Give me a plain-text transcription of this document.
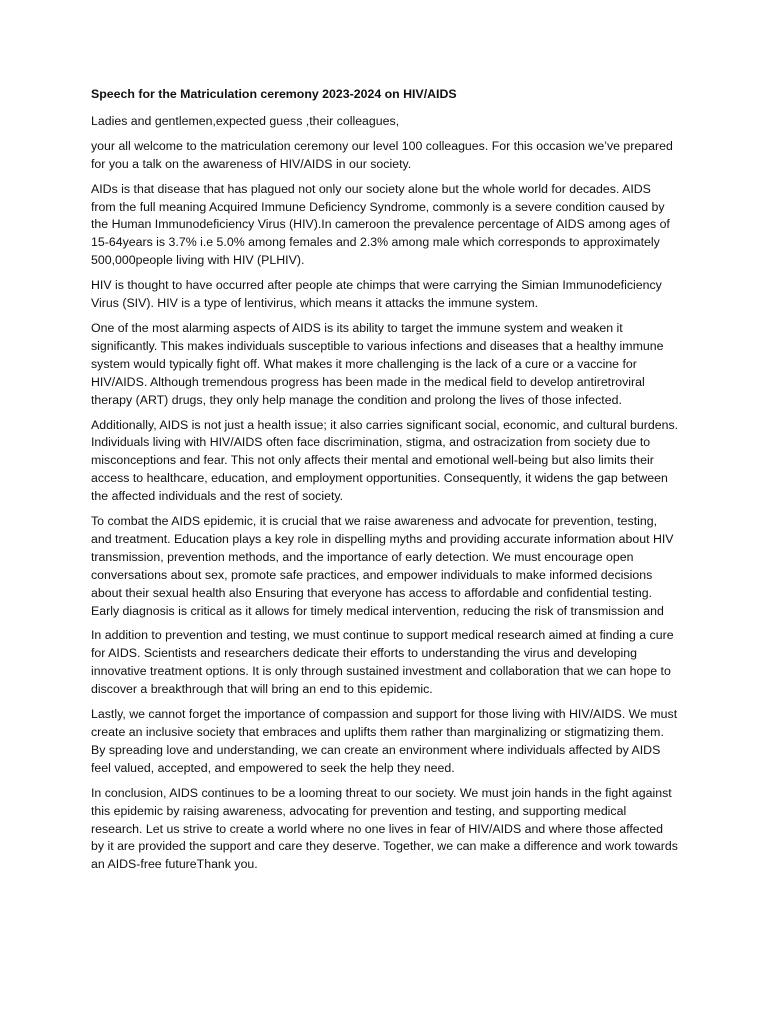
Speech for the Matriculation ceremony 2023-2024 on HIV/AIDS

Ladies and gentlemen,expected guess ,their colleagues,

your all welcome to the matriculation ceremony our level 100 colleagues. For this occasion we’ve prepared for you a talk on the awareness of HIV/AIDS in our society.

AIDs is that disease that has plagued not only our society alone but the whole world for decades. AIDS from the full meaning Acquired Immune Deficiency Syndrome, commonly is a severe condition caused by the Human Immunodeficiency Virus (HIV).In cameroon the prevalence percentage of AIDS among ages of 15-64years is 3.7% i.e 5.0% among females and 2.3% among male which corresponds to approximately 500,000people living with HIV (PLHIV).

HIV is thought to have occurred after people ate chimps that were carrying the Simian Immunodeficiency Virus (SIV). HIV is a type of lentivirus, which means it attacks the immune system.

One of the most alarming aspects of AIDS is its ability to target the immune system and weaken it significantly. This makes individuals susceptible to various infections and diseases that a healthy immune system would typically fight off. What makes it more challenging is the lack of a cure or a vaccine for HIV/AIDS. Although tremendous progress has been made in the medical field to develop antiretroviral therapy (ART) drugs, they only help manage the condition and prolong the lives of those infected.

Additionally, AIDS is not just a health issue; it also carries significant social, economic, and cultural burdens. Individuals living with HIV/AIDS often face discrimination, stigma, and ostracization from society due to misconceptions and fear. This not only affects their mental and emotional well-being but also limits their access to healthcare, education, and employment opportunities. Consequently, it widens the gap between the affected individuals and the rest of society.

To combat the AIDS epidemic, it is crucial that we raise awareness and advocate for prevention, testing, and treatment. Education plays a key role in dispelling myths and providing accurate information about HIV transmission, prevention methods, and the importance of early detection. We must encourage open conversations about sex, promote safe practices, and empower individuals to make informed decisions about their sexual health also Ensuring that everyone has access to affordable and confidential testing. Early diagnosis is critical as it allows for timely medical intervention, reducing the risk of transmission and

In addition to prevention and testing, we must continue to support medical research aimed at finding a cure for AIDS. Scientists and researchers dedicate their efforts to understanding the virus and developing innovative treatment options. It is only through sustained investment and collaboration that we can hope to discover a breakthrough that will bring an end to this epidemic.

Lastly, we cannot forget the importance of compassion and support for those living with HIV/AIDS. We must create an inclusive society that embraces and uplifts them rather than marginalizing or stigmatizing them. By spreading love and understanding, we can create an environment where individuals affected by AIDS feel valued, accepted, and empowered to seek the help they need.

In conclusion, AIDS continues to be a looming threat to our society. We must join hands in the fight against this epidemic by raising awareness, advocating for prevention and testing, and supporting medical research. Let us strive to create a world where no one lives in fear of HIV/AIDS and where those affected by it are provided the support and care they deserve. Together, we can make a difference and work towards an AIDS-free futureThank you.
